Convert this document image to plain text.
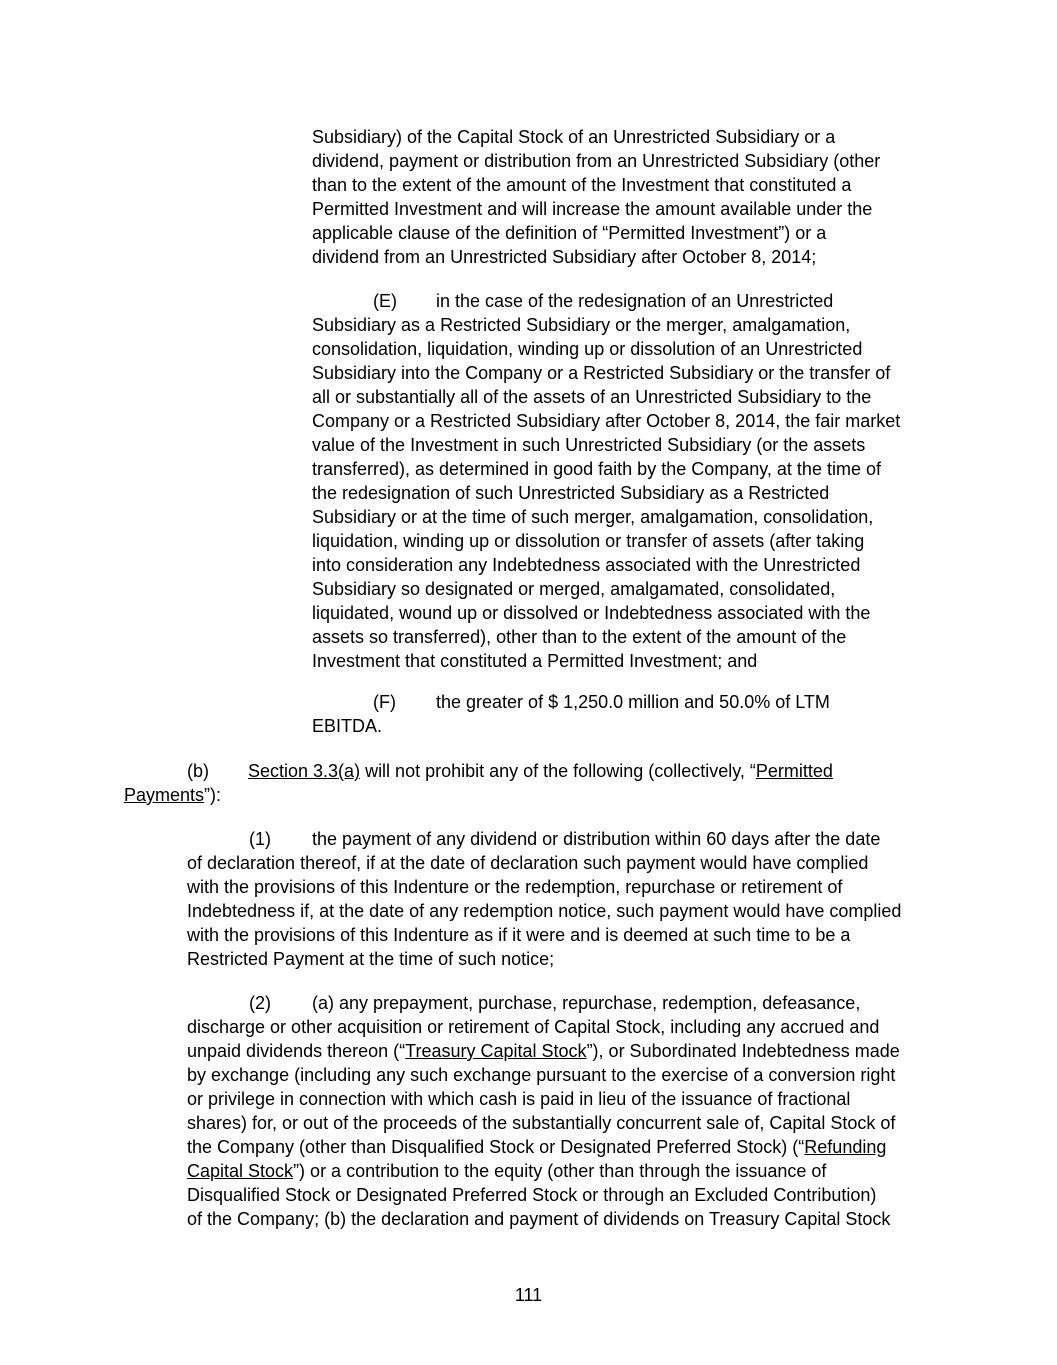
Subsidiary) of the Capital Stock of an Unrestricted Subsidiary or a
dividend, payment or distribution from an Unrestricted Subsidiary (other
than to the extent of the amount of the Investment that constituted a
Permitted Investment and will increase the amount available under the
applicable clause of the definition of “Permitted Investment”) or a
dividend from an Unrestricted Subsidiary after October 8, 2014;
(E) in the case of the redesignation of an Unrestricted
Subsidiary as a Restricted Subsidiary or the merger, amalgamation,
consolidation, liquidation, winding up or dissolution of an Unrestricted
Subsidiary into the Company or a Restricted Subsidiary or the transfer of
all or substantially all of the assets of an Unrestricted Subsidiary to the
Company or a Restricted Subsidiary after October 8, 2014, the fair market
value of the Investment in such Unrestricted Subsidiary (or the assets
transferred), as determined in good faith by the Company, at the time of
the redesignation of such Unrestricted Subsidiary as a Restricted
Subsidiary or at the time of such merger, amalgamation, consolidation,
liquidation, winding up or dissolution or transfer of assets (after taking
into consideration any Indebtedness associated with the Unrestricted
Subsidiary so designated or merged, amalgamated, consolidated,
liquidated, wound up or dissolved or Indebtedness associated with the
assets so transferred), other than to the extent of the amount of the
Investment that constituted a Permitted Investment; and
(F) the greater of $ 1,250.0 million and 50.0% of LTM
EBITDA.
(b) Section 3.3(a) will not prohibit any of the following (collectively, “Permitted
Payments”):
(1) the payment of any dividend or distribution within 60 days after the date
of declaration thereof, if at the date of declaration such payment would have complied
with the provisions of this Indenture or the redemption, repurchase or retirement of
Indebtedness if, at the date of any redemption notice, such payment would have complied
with the provisions of this Indenture as if it were and is deemed at such time to be a
Restricted Payment at the time of such notice;
(2) (a) any prepayment, purchase, repurchase, redemption, defeasance,
discharge or other acquisition or retirement of Capital Stock, including any accrued and
unpaid dividends thereon (“Treasury Capital Stock”), or Subordinated Indebtedness made
by exchange (including any such exchange pursuant to the exercise of a conversion right
or privilege in connection with which cash is paid in lieu of the issuance of fractional
shares) for, or out of the proceeds of the substantially concurrent sale of, Capital Stock of
the Company (other than Disqualified Stock or Designated Preferred Stock) (“Refunding
Capital Stock”) or a contribution to the equity (other than through the issuance of
Disqualified Stock or Designated Preferred Stock or through an Excluded Contribution)
of the Company; (b) the declaration and payment of dividends on Treasury Capital Stock
111
